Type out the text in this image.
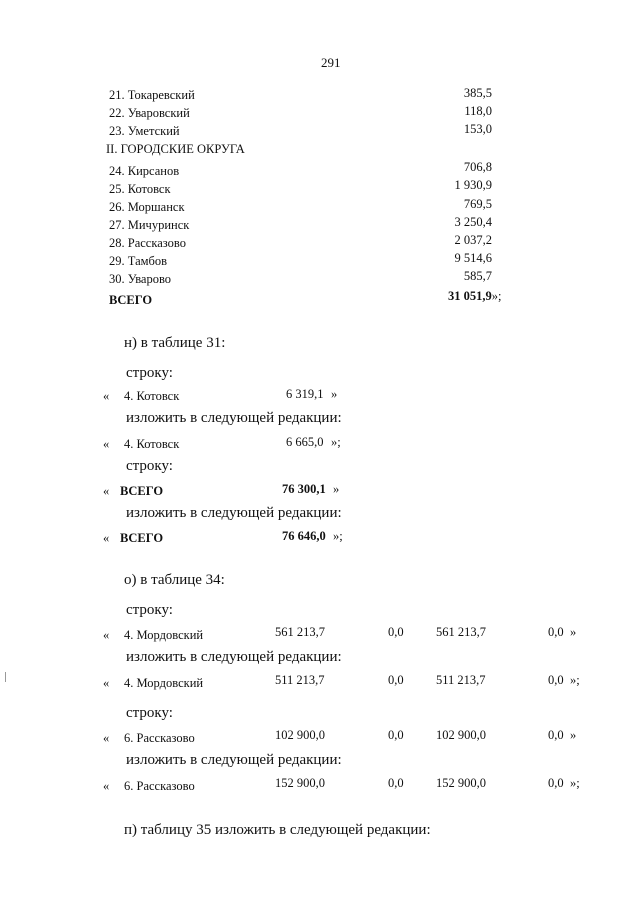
291
21. Токаревский	385,5
22. Уваровский	118,0
23. Уметский	153,0
II. ГОРОДСКИЕ ОКРУГА
24. Кирсанов	706,8
25. Котовск	1 930,9
26. Моршанск	769,5
27. Мичуринск	3 250,4
28. Рассказово	2 037,2
29. Тамбов	9 514,6
30. Уварово	585,7
ВСЕГО	31 051,9»;
н) в таблице 31:
строку:
« 4. Котовск	6 319,1 »
изложить в следующей редакции:
« 4. Котовск	6 665,0 »;
строку:
« ВСЕГО	76 300,1 »
изложить в следующей редакции:
« ВСЕГО	76 646,0 »;
о) в таблице 34:
строку:
« 4. Мордовский	561 213,7	0,0	561 213,7	0,0 »
изложить в следующей редакции:
« 4. Мордовский	511 213,7	0,0	511 213,7	0,0 »;
строку:
« 6. Рассказово	102 900,0	0,0	102 900,0	0,0 »
изложить в следующей редакции:
« 6. Рассказово	152 900,0	0,0	152 900,0	0,0 »;
п) таблицу 35 изложить в следующей редакции:
